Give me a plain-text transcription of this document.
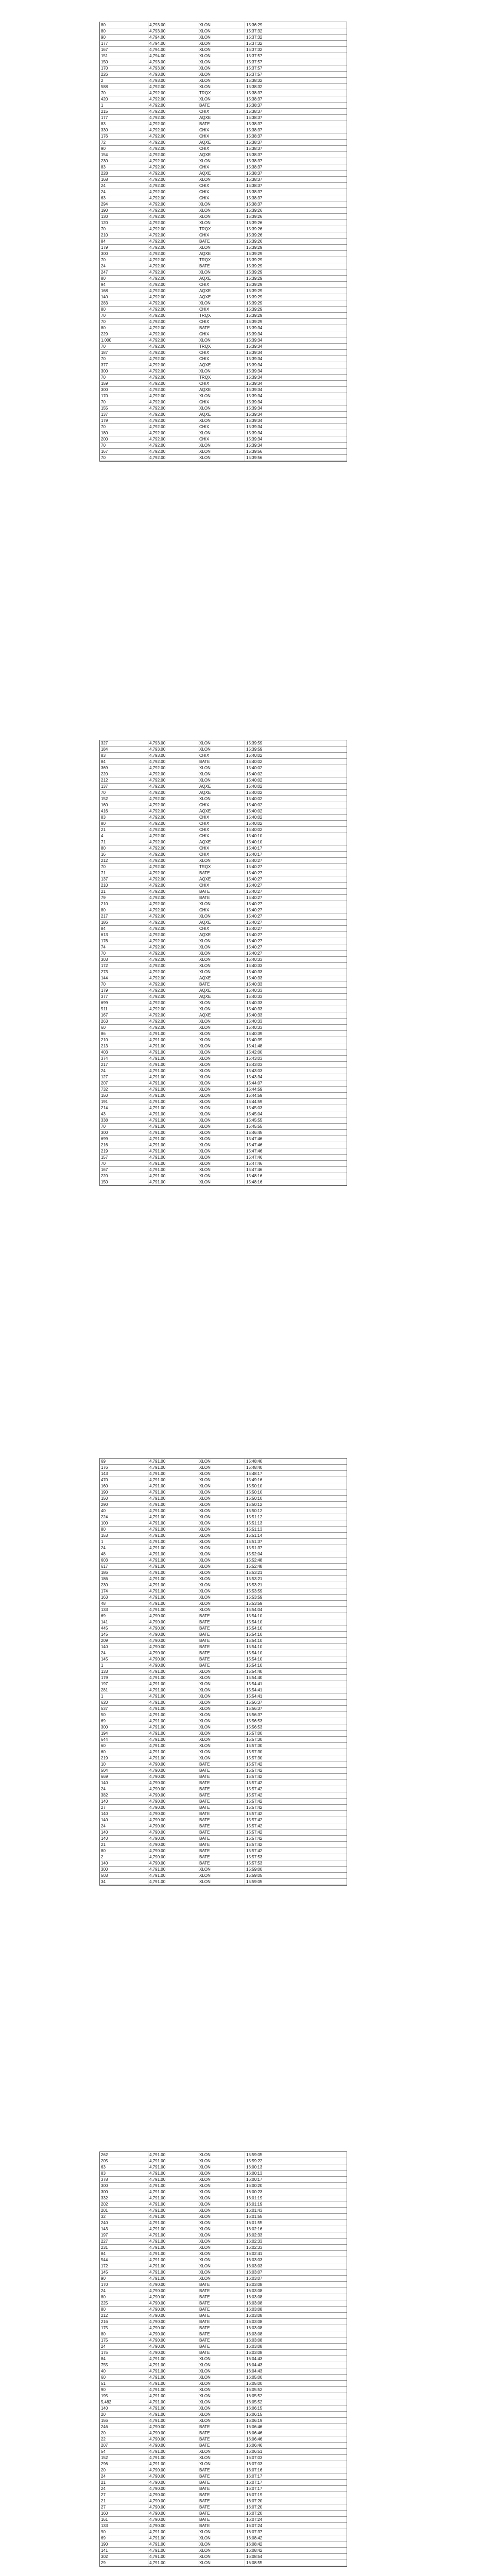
80	4,793.00	XLON	15:36:29
80	4,793.00	XLON	15:37:32
90	4,794.00	XLON	15:37:32
177	4,794.00	XLON	15:37:32
167	4,794.00	XLON	15:37:32
151	4,794.00	XLON	15:37:57
150	4,793.00	XLON	15:37:57
170	4,793.00	XLON	15:37:57
226	4,793.00	XLON	15:37:57
2	4,793.00	XLON	15:38:32
588	4,792.00	XLON	15:38:32
70	4,792.00	TRQX	15:38:37
420	4,792.00	XLON	15:38:37
1	4,792.00	BATE	15:38:37
215	4,792.00	CHIX	15:38:37
177	4,792.00	AQXE	15:38:37
83	4,792.00	BATE	15:38:37
330	4,792.00	CHIX	15:38:37
176	4,792.00	CHIX	15:38:37
72	4,792.00	AQXE	15:38:37
90	4,792.00	CHIX	15:38:37
154	4,792.00	AQXE	15:38:37
230	4,792.00	XLON	15:38:37
83	4,792.00	CHIX	15:38:37
228	4,792.00	AQXE	15:38:37
168	4,792.00	XLON	15:38:37
24	4,792.00	CHIX	15:38:37
24	4,792.00	CHIX	15:38:37
63	4,792.00	CHIX	15:38:37
294	4,792.00	XLON	15:38:37
190	4,792.00	XLON	15:39:26
130	4,792.00	XLON	15:39:26
120	4,792.00	XLON	15:39:26
70	4,792.00	TRQX	15:39:26
210	4,792.00	CHIX	15:39:26
84	4,792.00	BATE	15:39:26
179	4,792.00	XLON	15:39:29
300	4,792.00	AQXE	15:39:29
70	4,792.00	TRQX	15:39:29
24	4,792.00	BATE	15:39:29
247	4,792.00	XLON	15:39:29
80	4,792.00	AQXE	15:39:29
94	4,792.00	CHIX	15:39:29
168	4,792.00	AQXE	15:39:29
140	4,792.00	AQXE	15:39:29
283	4,792.00	XLON	15:39:29
80	4,792.00	CHIX	15:39:29
70	4,792.00	TRQX	15:39:29
70	4,792.00	CHIX	15:39:29
80	4,792.00	BATE	15:39:34
229	4,792.00	CHIX	15:39:34
1,000	4,792.00	XLON	15:39:34
70	4,792.00	TRQX	15:39:34
187	4,792.00	CHIX	15:39:34
70	4,792.00	CHIX	15:39:34
377	4,792.00	AQXE	15:39:34
300	4,792.00	XLON	15:39:34
70	4,792.00	TRQX	15:39:34
159	4,792.00	CHIX	15:39:34
300	4,792.00	AQXE	15:39:34
170	4,792.00	XLON	15:39:34
70	4,792.00	CHIX	15:39:34
155	4,792.00	XLON	15:39:34
137	4,792.00	AQXE	15:39:34
179	4,792.00	XLON	15:39:34
70	4,792.00	CHIX	15:39:34
180	4,792.00	XLON	15:39:34
200	4,792.00	CHIX	15:39:34
70	4,792.00	XLON	15:39:34
167	4,792.00	XLON	15:39:56
70	4,792.00	XLON	15:39:56
327	4,793.00	XLON	15:39:59
184	4,793.00	XLON	15:39:59
83	4,793.00	CHIX	15:40:02
84	4,792.00	BATE	15:40:02
369	4,792.00	XLON	15:40:02
220	4,792.00	XLON	15:40:02
212	4,792.00	XLON	15:40:02
137	4,792.00	AQXE	15:40:02
70	4,792.00	AQXE	15:40:02
152	4,792.00	XLON	15:40:02
160	4,792.00	CHIX	15:40:02
416	4,792.00	AQXE	15:40:02
83	4,792.00	CHIX	15:40:02
80	4,792.00	CHIX	15:40:02
21	4,792.00	CHIX	15:40:02
4	4,792.00	CHIX	15:40:10
71	4,792.00	AQXE	15:40:10
80	4,792.00	CHIX	15:40:17
16	4,792.00	CHIX	15:40:17
212	4,792.00	XLON	15:40:27
70	4,792.00	TRQX	15:40:27
71	4,792.00	BATE	15:40:27
137	4,792.00	AQXE	15:40:27
210	4,792.00	CHIX	15:40:27
21	4,792.00	BATE	15:40:27
79	4,792.00	BATE	15:40:27
210	4,792.00	XLON	15:40:27
80	4,792.00	CHIX	15:40:27
217	4,792.00	XLON	15:40:27
186	4,792.00	AQXE	15:40:27
84	4,792.00	CHIX	15:40:27
613	4,792.00	AQXE	15:40:27
176	4,792.00	XLON	15:40:27
74	4,792.00	XLON	15:40:27
70	4,792.00	XLON	15:40:27
303	4,792.00	XLON	15:40:33
172	4,792.00	XLON	15:40:33
273	4,792.00	XLON	15:40:33
144	4,792.00	AQXE	15:40:33
70	4,792.00	BATE	15:40:33
179	4,792.00	AQXE	15:40:33
377	4,792.00	AQXE	15:40:33
699	4,792.00	XLON	15:40:33
511	4,792.00	XLON	15:40:33
167	4,792.00	AQXE	15:40:33
263	4,792.00	XLON	15:40:33
60	4,792.00	XLON	15:40:33
86	4,791.00	XLON	15:40:39
210	4,791.00	XLON	15:40:39
213	4,791.00	XLON	15:41:48
403	4,791.00	XLON	15:42:00
374	4,791.00	XLON	15:43:03
217	4,791.00	XLON	15:43:03
24	4,791.00	XLON	15:43:03
127	4,791.00	XLON	15:43:34
207	4,791.00	XLON	15:44:07
732	4,791.00	XLON	15:44:59
150	4,791.00	XLON	15:44:59
191	4,791.00	XLON	15:44:59
214	4,791.00	XLON	15:45:03
43	4,791.00	XLON	15:45:04
338	4,791.00	XLON	15:45:55
70	4,791.00	XLON	15:45:55
300	4,791.00	XLON	15:46:45
699	4,791.00	XLON	15:47:46
216	4,791.00	XLON	15:47:46
219	4,791.00	XLON	15:47:46
157	4,791.00	XLON	15:47:46
70	4,791.00	XLON	15:47:46
167	4,791.00	XLON	15:47:46
220	4,791.00	XLON	15:48:16
150	4,791.00	XLON	15:48:16
69	4,791.00	XLON	15:48:40
176	4,791.00	XLON	15:48:40
143	4,791.00	XLON	15:48:17
470	4,791.00	XLON	15:49:16
160	4,791.00	XLON	15:50:10
190	4,791.00	XLON	15:50:10
150	4,791.00	XLON	15:50:10
290	4,791.00	XLON	15:50:12
40	4,791.00	XLON	15:50:12
224	4,791.00	XLON	15:51:12
100	4,791.00	XLON	15:51:13
80	4,791.00	XLON	15:51:13
153	4,791.00	XLON	15:51:14
1	4,791.00	XLON	15:51:37
24	4,791.00	XLON	15:51:37
48	4,791.00	XLON	15:52:04
603	4,791.00	XLON	15:52:48
617	4,791.00	XLON	15:52:48
186	4,791.00	XLON	15:53:21
186	4,791.00	XLON	15:53:21
230	4,791.00	XLON	15:53:21
174	4,791.00	XLON	15:53:59
163	4,791.00	XLON	15:53:59
48	4,791.00	XLON	15:53:59
133	4,791.00	XLON	15:54:04
69	4,790.00	BATE	15:54:10
141	4,790.00	BATE	15:54:10
445	4,790.00	BATE	15:54:10
145	4,790.00	BATE	15:54:10
209	4,790.00	BATE	15:54:10
140	4,790.00	BATE	15:54:10
24	4,790.00	BATE	15:54:10
145	4,790.00	BATE	15:54:10
1	4,790.00	BATE	15:54:10
133	4,791.00	XLON	15:54:40
179	4,791.00	XLON	15:54:40
197	4,791.00	XLON	15:54:41
281	4,791.00	XLON	15:54:41
1	4,791.00	XLON	15:54:41
620	4,791.00	XLON	15:56:37
537	4,791.00	XLON	15:56:37
50	4,791.00	XLON	15:56:37
69	4,791.00	XLON	15:56:53
300	4,791.00	XLON	15:56:53
194	4,791.00	XLON	15:57:00
644	4,791.00	XLON	15:57:30
60	4,791.00	XLON	15:57:30
60	4,791.00	XLON	15:57:30
219	4,791.00	XLON	15:57:30
10	4,790.00	BATE	15:57:42
504	4,790.00	BATE	15:57:42
669	4,790.00	BATE	15:57:42
140	4,790.00	BATE	15:57:42
24	4,790.00	BATE	15:57:42
382	4,790.00	BATE	15:57:42
140	4,790.00	BATE	15:57:42
27	4,790.00	BATE	15:57:42
140	4,790.00	BATE	15:57:42
140	4,790.00	BATE	15:57:42
24	4,790.00	BATE	15:57:42
140	4,790.00	BATE	15:57:42
140	4,790.00	BATE	15:57:42
21	4,790.00	BATE	15:57:42
80	4,790.00	BATE	15:57:42
2	4,790.00	BATE	15:57:53
140	4,790.00	BATE	15:57:53
300	4,791.00	XLON	15:59:00
503	4,791.00	XLON	15:59:05
34	4,791.00	XLON	15:59:05
262	4,791.00	XLON	15:59:05
205	4,791.00	XLON	15:59:22
63	4,791.00	XLON	16:00:13
83	4,791.00	XLON	16:00:13
378	4,791.00	XLON	16:00:17
300	4,791.00	XLON	16:00:20
300	4,791.00	XLON	16:00:23
332	4,791.00	XLON	16:01:19
202	4,791.00	XLON	16:01:19
201	4,791.00	XLON	16:01:43
32	4,791.00	XLON	16:01:55
240	4,791.00	XLON	16:01:55
143	4,791.00	XLON	16:02:16
197	4,791.00	XLON	16:02:33
227	4,791.00	XLON	16:02:33
231	4,791.00	XLON	16:02:33
84	4,791.00	XLON	16:02:41
544	4,791.00	XLON	16:03:03
172	4,791.00	XLON	16:03:03
145	4,791.00	XLON	16:03:07
90	4,791.00	XLON	16:03:07
170	4,790.00	BATE	16:03:08
24	4,790.00	BATE	16:03:08
80	4,790.00	BATE	16:03:08
225	4,790.00	BATE	16:03:08
80	4,790.00	BATE	16:03:08
212	4,790.00	BATE	16:03:08
216	4,790.00	BATE	16:03:08
175	4,790.00	BATE	16:03:08
80	4,790.00	BATE	16:03:08
175	4,790.00	BATE	16:03:08
24	4,790.00	BATE	16:03:08
175	4,790.00	BATE	16:03:08
84	4,791.00	XLON	16:04:43
755	4,791.00	XLON	16:04:43
40	4,791.00	XLON	16:04:43
60	4,791.00	XLON	16:05:00
51	4,791.00	XLON	16:05:00
90	4,791.00	XLON	16:05:52
195	4,791.00	XLON	16:05:52
5,482	4,791.00	XLON	16:05:52
140	4,791.00	XLON	16:06:15
20	4,791.00	XLON	16:06:15
156	4,791.00	XLON	16:06:19
246	4,790.00	BATE	16:06:46
20	4,790.00	BATE	16:06:46
22	4,790.00	BATE	16:06:46
207	4,790.00	BATE	16:06:46
54	4,791.00	XLON	16:06:51
152	4,791.00	XLON	16:07:03
296	4,791.00	XLON	16:07:03
20	4,790.00	BATE	16:07:16
24	4,790.00	BATE	16:07:17
21	4,790.00	BATE	16:07:17
24	4,790.00	BATE	16:07:17
27	4,790.00	BATE	16:07:19
21	4,790.00	BATE	16:07:20
27	4,790.00	BATE	16:07:20
160	4,790.00	BATE	16:07:20
161	4,790.00	BATE	16:07:24
133	4,790.00	BATE	16:07:24
90	4,791.00	XLON	16:07:37
69	4,791.00	XLON	16:08:42
190	4,791.00	XLON	16:08:42
141	4,791.00	XLON	16:08:42
302	4,791.00	XLON	16:08:54
29	4,791.00	XLON	16:08:55
